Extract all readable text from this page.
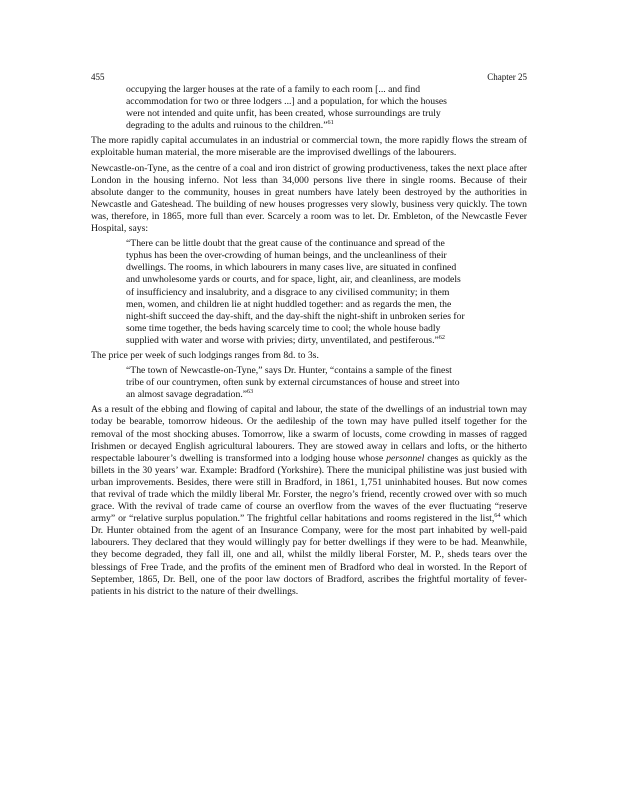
455	Chapter 25
occupying the larger houses at the rate of a family to each room [... and find accommodation for two or three lodgers ...] and a population, for which the houses were not intended and quite unfit, has been created, whose surroundings are truly degrading to the adults and ruinous to the children.”$^{61}$
The more rapidly capital accumulates in an industrial or commercial town, the more rapidly flows the stream of exploitable human material, the more miserable are the improvised dwellings of the labourers.
Newcastle-on-Tyne, as the centre of a coal and iron district of growing productiveness, takes the next place after London in the housing inferno. Not less than 34,000 persons live there in single rooms. Because of their absolute danger to the community, houses in great numbers have lately been destroyed by the authorities in Newcastle and Gateshead. The building of new houses progresses very slowly, business very quickly. The town was, therefore, in 1865, more full than ever. Scarcely a room was to let. Dr. Embleton, of the Newcastle Fever Hospital, says:
“There can be little doubt that the great cause of the continuance and spread of the typhus has been the over-crowding of human beings, and the uncleanliness of their dwellings. The rooms, in which labourers in many cases live, are situated in confined and unwholesome yards or courts, and for space, light, air, and cleanliness, are models of insufficiency and insalubrity, and a disgrace to any civilised community; in them men, women, and children lie at night huddled together: and as regards the men, the night-shift succeed the day-shift, and the day-shift the night-shift in unbroken series for some time together, the beds having scarcely time to cool; the whole house badly supplied with water and worse with privies; dirty, unventilated, and pestiferous.”$^{62}$
The price per week of such lodgings ranges from 8d. to 3s.
“The town of Newcastle-on-Tyne,” says Dr. Hunter, “contains a sample of the finest tribe of our countrymen, often sunk by external circumstances of house and street into an almost savage degradation.”$^{63}$
As a result of the ebbing and flowing of capital and labour, the state of the dwellings of an industrial town may today be bearable, tomorrow hideous. Or the aedileship of the town may have pulled itself together for the removal of the most shocking abuses. Tomorrow, like a swarm of locusts, come crowding in masses of ragged Irishmen or decayed English agricultural labourers. They are stowed away in cellars and lofts, or the hitherto respectable labourer’s dwelling is transformed into a lodging house whose personnel changes as quickly as the billets in the 30 years’ war. Example: Bradford (Yorkshire). There the municipal philistine was just busied with urban improvements. Besides, there were still in Bradford, in 1861, 1,751 uninhabited houses. But now comes that revival of trade which the mildly liberal Mr. Forster, the negro’s friend, recently crowed over with so much grace. With the revival of trade came of course an overflow from the waves of the ever fluctuating “reserve army” or “relative surplus population.” The frightful cellar habitations and rooms registered in the list,$^{64}$ which Dr. Hunter obtained from the agent of an Insurance Company, were for the most part inhabited by well-paid labourers. They declared that they would willingly pay for better dwellings if they were to be had. Meanwhile, they become degraded, they fall ill, one and all, whilst the mildly liberal Forster, M. P., sheds tears over the blessings of Free Trade, and the profits of the eminent men of Bradford who deal in worsted. In the Report of September, 1865, Dr. Bell, one of the poor law doctors of Bradford, ascribes the frightful mortality of fever-patients in his district to the nature of their dwellings.
